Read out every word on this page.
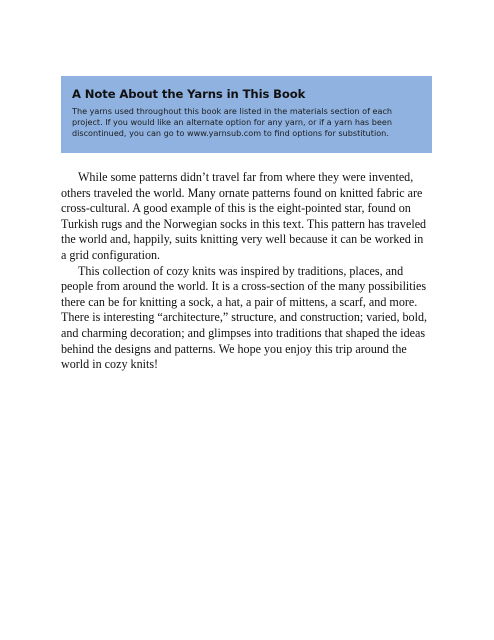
A Note About the Yarns in This Book

The yarns used throughout this book are listed in the materials section of each
project. If you would like an alternate option for any yarn, or if a yarn has been
discontinued, you can go to www.yarnsub.com to find options for substitution.

While some patterns didn’t travel far from where they were invented,
others traveled the world. Many ornate patterns found on knitted fabric are
cross-cultural. A good example of this is the eight-pointed star, found on
Turkish rugs and the Norwegian socks in this text. This pattern has traveled
the world and, happily, suits knitting very well because it can be worked in
a grid configuration.

This collection of cozy knits was inspired by traditions, places, and
people from around the world. It is a cross-section of the many possibilities
there can be for knitting a sock, a hat, a pair of mittens, a scarf, and more.
There is interesting “architecture,” structure, and construction; varied, bold,
and charming decoration; and glimpses into traditions that shaped the ideas
behind the designs and patterns. We hope you enjoy this trip around the
world in cozy knits!
